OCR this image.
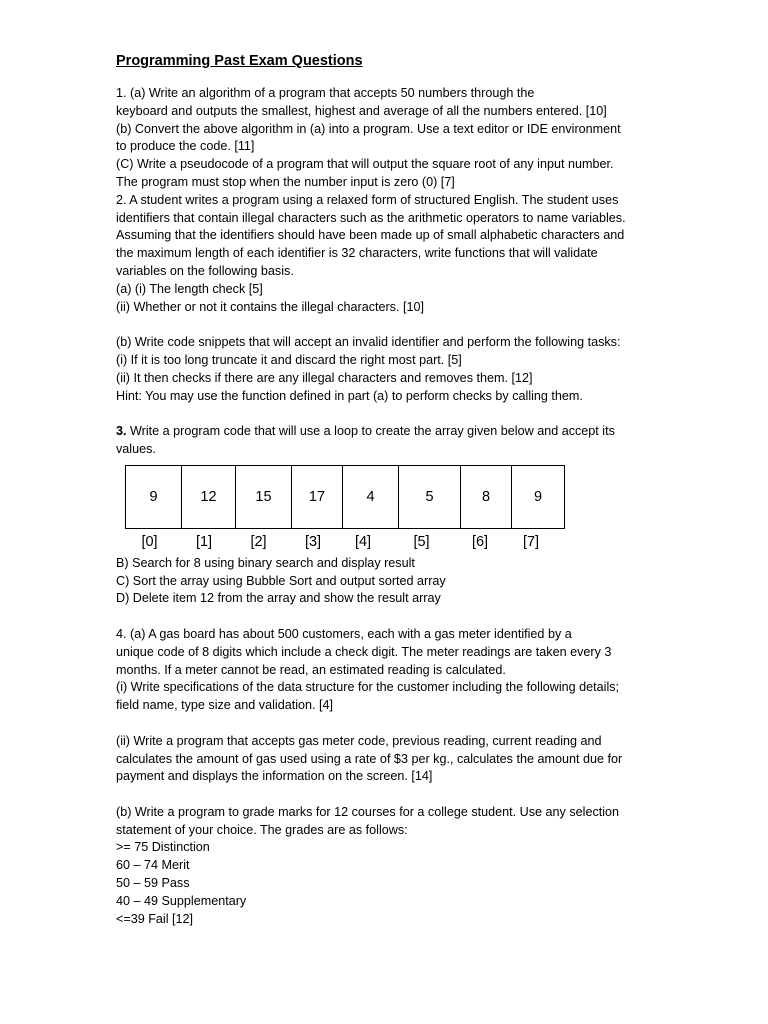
Programming Past Exam Questions
1. (a) Write an algorithm of a program that accepts 50 numbers through the
keyboard and outputs the smallest, highest and average of all the numbers entered. [10]
(b) Convert the above algorithm in (a) into a program. Use a text editor or IDE environment
to produce the code. [11]
(C) Write a pseudocode of a program that will output the square root of any input number.
The program must stop when the number input is zero (0) [7]
2. A student writes a program using a relaxed form of structured English. The student uses
identifiers that contain illegal characters such as the arithmetic operators to name variables.
Assuming that the identifiers should have been made up of small alphabetic characters and
the maximum length of each identifier is 32 characters, write functions that will validate
variables on the following basis.
(a) (i) The length check [5]
(ii) Whether or not it contains the illegal characters. [10]
(b) Write code snippets that will accept an invalid identifier and perform the following tasks:
(i) If it is too long truncate it and discard the right most part. [5]
(ii) It then checks if there are any illegal characters and removes them. [12]
Hint: You may use the function defined in part (a) to perform checks by calling them.
3. Write a program code that will use a loop to create the array given below and accept its
values.
9	12	15	17	4	5	8	9
[0]	[1]	[2]	[3]	[4]	[5]	[6]	[7]
B) Search for 8 using binary search and display result
C) Sort the array using Bubble Sort and output sorted array
D) Delete item 12 from the array and show the result array
4. (a) A gas board has about 500 customers, each with a gas meter identified by a
unique code of 8 digits which include a check digit. The meter readings are taken every 3
months. If a meter cannot be read, an estimated reading is calculated.
(i) Write specifications of the data structure for the customer including the following details;
field name, type size and validation. [4]
(ii) Write a program that accepts gas meter code, previous reading, current reading and
calculates the amount of gas used using a rate of $3 per kg., calculates the amount due for
payment and displays the information on the screen. [14]
(b) Write a program to grade marks for 12 courses for a college student. Use any selection
statement of your choice. The grades are as follows:
>= 75 Distinction
60 – 74 Merit
50 – 59 Pass
40 – 49 Supplementary
<=39 Fail [12]
